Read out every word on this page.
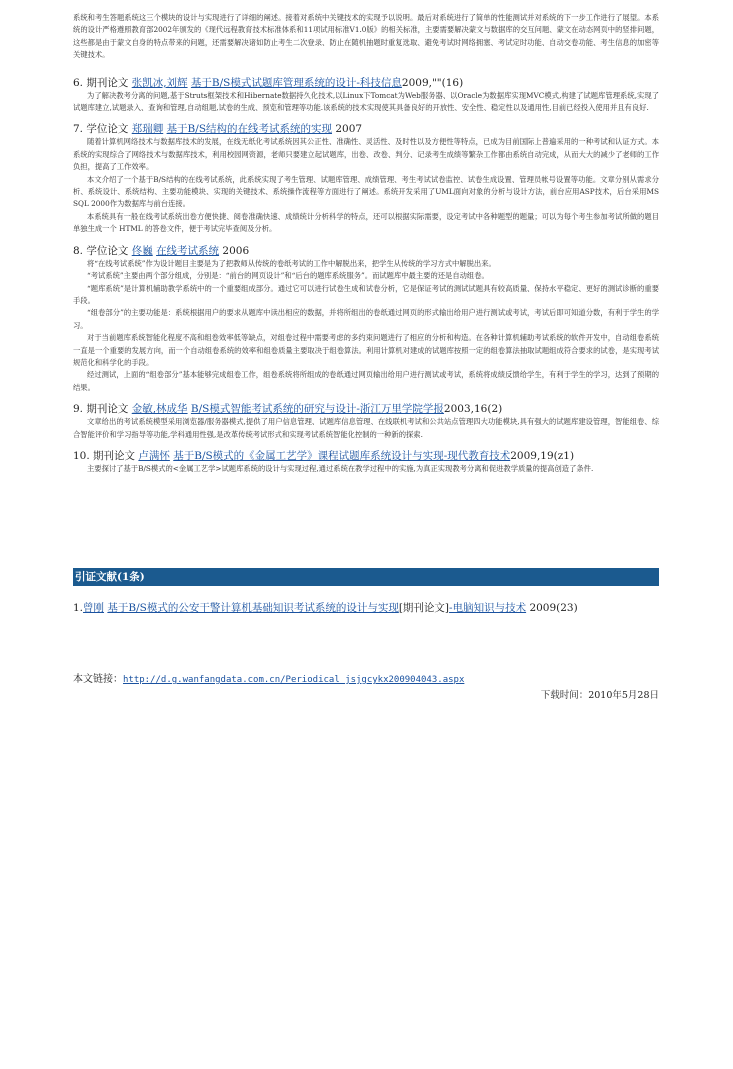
系统和考生答题系统这三个模块的设计与实现进行了详细的阐述。接着对系统中关键技术的实现予以说明。最后对系统进行了简单的性能测试并对系统的下一步工作进行了展望。本系统的设计严格遵照教育部2002年颁发的《现代远程教育技术标准体系和11项试用标准V1.0版》的相关标准，主要需要解决蒙文与数据库的交互问题、蒙文在动态网页中的竖排问题，这些都是由于蒙文自身的特点带来的问题，还需要解决诸如防止考生二次登录、防止在随机抽题时重复选取、避免考试时网络拥塞、考试定时功能、自动交卷功能、考生信息的加密等关键技术。

6. 期刊论文 张凯冰,刘辉 基于B/S模式试题库管理系统的设计-科技信息2009,""(16)

为了解决教考分离的问题,基于Struts框架技术和Hibernate数据持久化技术,以Linux下Tomcat为Web服务器、以Oracle为数据库实现MVC模式,构建了试题库管理系统,实现了试题库建立,试题录入、查询和管理,自动组题,试卷的生成、预览和管理等功能.该系统的技术实现使其具备良好的开放性、安全性、稳定性以及通用性,目前已经投入使用并且有良好.

7. 学位论文 郑瑞卿 基于B/S结构的在线考试系统的实现 2007

随着计算机网络技术与数据库技术的发展，在线无纸化考试系统因其公正性、准确性、灵活性、及时性以及方便性等特点，已成为目前国际上普遍采用的一种考试和认证方式。本系统的实现综合了网络技术与数据库技术，利用校园网资源，老师只要建立起试题库，出卷、改卷、判分、记录考生成绩等繁杂工作都由系统自动完成，从而大大的减少了老师的工作负担，提高了工作效率。

本文介绍了一个基于B/S结构的在线考试系统，此系统实现了考生管理、试题库管理、成绩管理、考生考试试卷监控、试卷生成设置、管理员帐号设置等功能。文章分别从需求分析、系统设计、系统结构、主要功能模块、实现的关键技术、系统操作流程等方面进行了阐述。系统开发采用了UML面向对象的分析与设计方法，前台应用ASP技术，后台采用MS SQL 2000作为数据库与前台连接。

本系统具有一般在线考试系统出卷方便快捷、阅卷准确快速、成绩统计分析科学的特点，还可以根据实际需要，设定考试中各种题型的题量；可以为每个考生参加考试所做的题目单独生成一个 HTML 的答卷文件，便于考试完毕查阅及分析。

8. 学位论文 佟巍 在线考试系统 2006

将“在线考试系统”作为设计题目主要是为了把教师从传统的卷纸考试的工作中解脱出来，把学生从传统的学习方式中解脱出来。

“考试系统”主要由两个部分组成，分别是：“前台的网页设计”和“后台的题库系统服务”。而试题库中最主要的还是自动组卷。

“题库系统”是计算机辅助教学系统中的一个重要组成部分。通过它可以进行试卷生成和试卷分析，它是保证考试的测试试题具有较高质量、保持水平稳定、更好的测试诊断的重要手段。

“组卷部分”的主要功能是：系统根据用户的要求从题库中读出相应的数据，并将所组出的卷纸通过网页的形式输出给用户进行测试或考试，考试后即可知道分数，有利于学生的学习。

对于当前题库系统智能化程度不高和组卷效率低等缺点，对组卷过程中需要考虑的多约束问题进行了相应的分析和构造。在各种计算机辅助考试系统的软件开发中，自动组卷系统一直是一个重要的发展方向，而一个自动组卷系统的效率和组卷质量主要取决于组卷算法。利用计算机对建成的试题库按照一定的组卷算法抽取试题组成符合要求的试卷，是实现考试规范化和科学化的手段。

经过测试，上面的“组卷部分”基本能够完成组卷工作，组卷系统将所组成的卷纸通过网页输出给用户进行测试或考试，系统将成绩反馈给学生，有利于学生的学习，达到了预期的结果。

9. 期刊论文 金敏,林成华 B/S模式智能考试系统的研究与设计-浙江万里学院学报2003,16(2)

文章给出的考试系统模型采用浏览器/服务器模式,提供了用户信息管理、试题库信息管理、在线联机考试和公共站点管理四大功能模块,具有强大的试题库建设管理，智能组卷、综合智能评价和学习指导等功能,学科通用性强,是改革传统考试形式和实现考试系统智能化控制的一种新的探索.

10. 期刊论文 卢满怀 基于B/S模式的《金属工艺学》课程试题库系统设计与实现-现代教育技术2009,19(z1)

主要探讨了基于B/S模式的<金属工艺学>试题库系统的设计与实现过程,通过系统在教学过程中的实施,为真正实现教考分离和促进教学质量的提高创造了条件.

引证文献(1条)
1.曾刚 基于B/S模式的公安干警计算机基础知识考试系统的设计与实现[期刊论文]-电脑知识与技术 2009(23)
本文链接：http://d.g.wanfangdata.com.cn/Periodical_jsjgcykx200904043.aspx
下载时间：2010年5月28日
